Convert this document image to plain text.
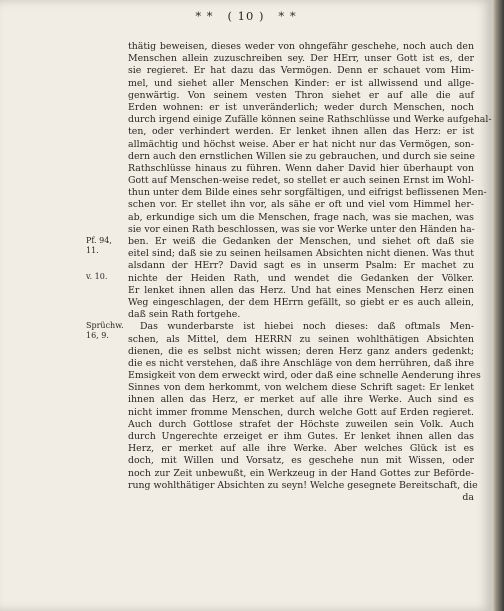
* * ( 10 ) * *
Pf. 94, 11.
v. 10.
Sprüchw. 16, 9.
thätig beweisen, dieses weder von ohngefähr geschehe, noch auch den
Menschen allein zuzuschreiben sey. Der HErr, unser Gott ist es, der
sie regieret. Er hat dazu das Vermögen. Denn er schauet vom Him-
mel, und siehet aller Menschen Kinder: er ist allwissend und allge-
genwärtig. Von seinem vesten Thron siehet er auf alle die auf
Erden wohnen: er ist unveränderlich; weder durch Menschen, noch
durch irgend einige Zufälle können seine Rathschlüsse und Werke aufgehal-
ten, oder verhindert werden. Er lenket ihnen allen das Herz: er ist
allmächtig und höchst weise. Aber er hat nicht nur das Vermögen, son-
dern auch den ernstlichen Willen sie zu gebrauchen, und durch sie seine
Rathschlüsse hinaus zu führen. Wenn daher David hier überhaupt von
Gott auf Menschen-weise redet, so stellet er auch seinen Ernst im Wohl-
thun unter dem Bilde eines sehr sorgfältigen, und eifrigst beflissenen Men-
schen vor. Er stellet ihn vor, als sähe er oft und viel vom Himmel her-
ab, erkundige sich um die Menschen, frage nach, was sie machen, was
sie vor einen Rath beschlossen, was sie vor Werke unter den Händen ha-
ben. Er weiß die Gedanken der Menschen, und siehet oft daß sie
eitel sind; daß sie zu seinen heilsamen Absichten nicht dienen. Was thut
alsdann der HErr? David sagt es in unserm Psalm: Er machet zu
nichte der Heiden Rath, und wendet die Gedanken der Völker.
Er lenket ihnen allen das Herz. Und hat eines Menschen Herz einen
Weg eingeschlagen, der dem HErrn gefällt, so giebt er es auch allein,
daß sein Rath fortgehe.
Das wunderbarste ist hiebei noch dieses: daß oftmals Men-
schen, als Mittel, dem HERRN zu seinen wohlthätigen Absichten
dienen, die es selbst nicht wissen; deren Herz ganz anders gedenkt;
die es nicht verstehen, daß ihre Anschläge von dem herrühren, daß ihre
Emsigkeit von dem erweckt wird, oder daß eine schnelle Aenderung ihres
Sinnes von dem herkommt, von welchem diese Schrift saget: Er lenket
ihnen allen das Herz, er merket auf alle ihre Werke. Auch sind es
nicht immer fromme Menschen, durch welche Gott auf Erden regieret.
Auch durch Gottlose strafet der Höchste zuweilen sein Volk. Auch
durch Ungerechte erzeiget er ihm Gutes. Er lenket ihnen allen das
Herz, er merket auf alle ihre Werke. Aber welches Glück ist es
doch, mit Willen und Vorsatz, es geschehe nun mit Wissen, oder
noch zur Zeit unbewußt, ein Werkzeug in der Hand Gottes zur Beförde-
rung wohlthätiger Absichten zu seyn! Welche gesegnete Bereitschaft, die
da
